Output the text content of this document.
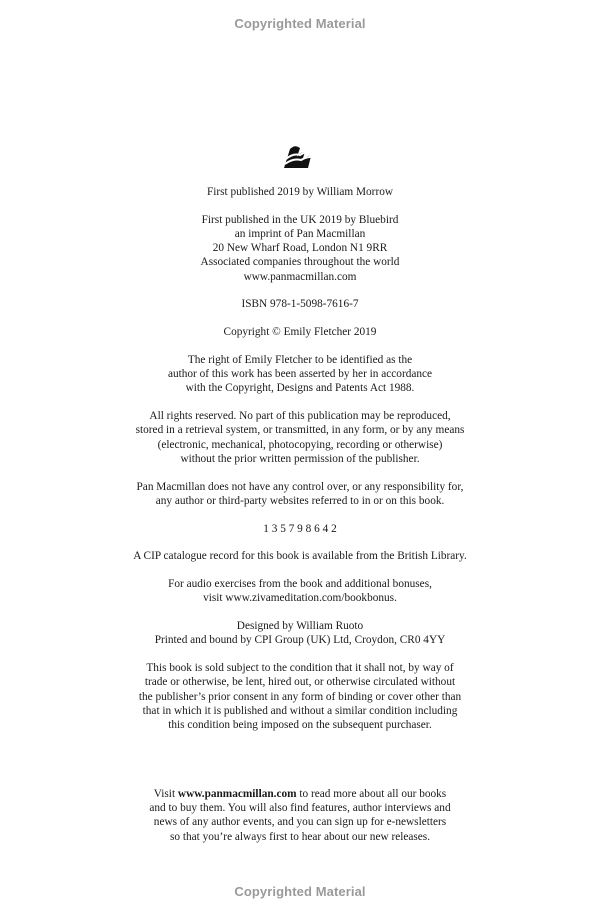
Copyrighted Material

First published 2019 by William Morrow

First published in the UK 2019 by Bluebird
an imprint of Pan Macmillan
20 New Wharf Road, London N1 9RR
Associated companies throughout the world
www.panmacmillan.com

ISBN 978-1-5098-7616-7

Copyright © Emily Fletcher 2019

The right of Emily Fletcher to be identified as the
author of this work has been asserted by her in accordance
with the Copyright, Designs and Patents Act 1988.

All rights reserved. No part of this publication may be reproduced,
stored in a retrieval system, or transmitted, in any form, or by any means
(electronic, mechanical, photocopying, recording or otherwise)
without the prior written permission of the publisher.

Pan Macmillan does not have any control over, or any responsibility for,
any author or third-party websites referred to in or on this book.

1 3 5 7 9 8 6 4 2

A CIP catalogue record for this book is available from the British Library.

For audio exercises from the book and additional bonuses,
visit www.zivameditation.com/bookbonus.

Designed by William Ruoto
Printed and bound by CPI Group (UK) Ltd, Croydon, CR0 4YY

This book is sold subject to the condition that it shall not, by way of
trade or otherwise, be lent, hired out, or otherwise circulated without
the publisher’s prior consent in any form of binding or cover other than
that in which it is published and without a similar condition including
this condition being imposed on the subsequent purchaser.

Visit www.panmacmillan.com to read more about all our books
and to buy them. You will also find features, author interviews and
news of any author events, and you can sign up for e-newsletters
so that you’re always first to hear about our new releases.

Copyrighted Material
